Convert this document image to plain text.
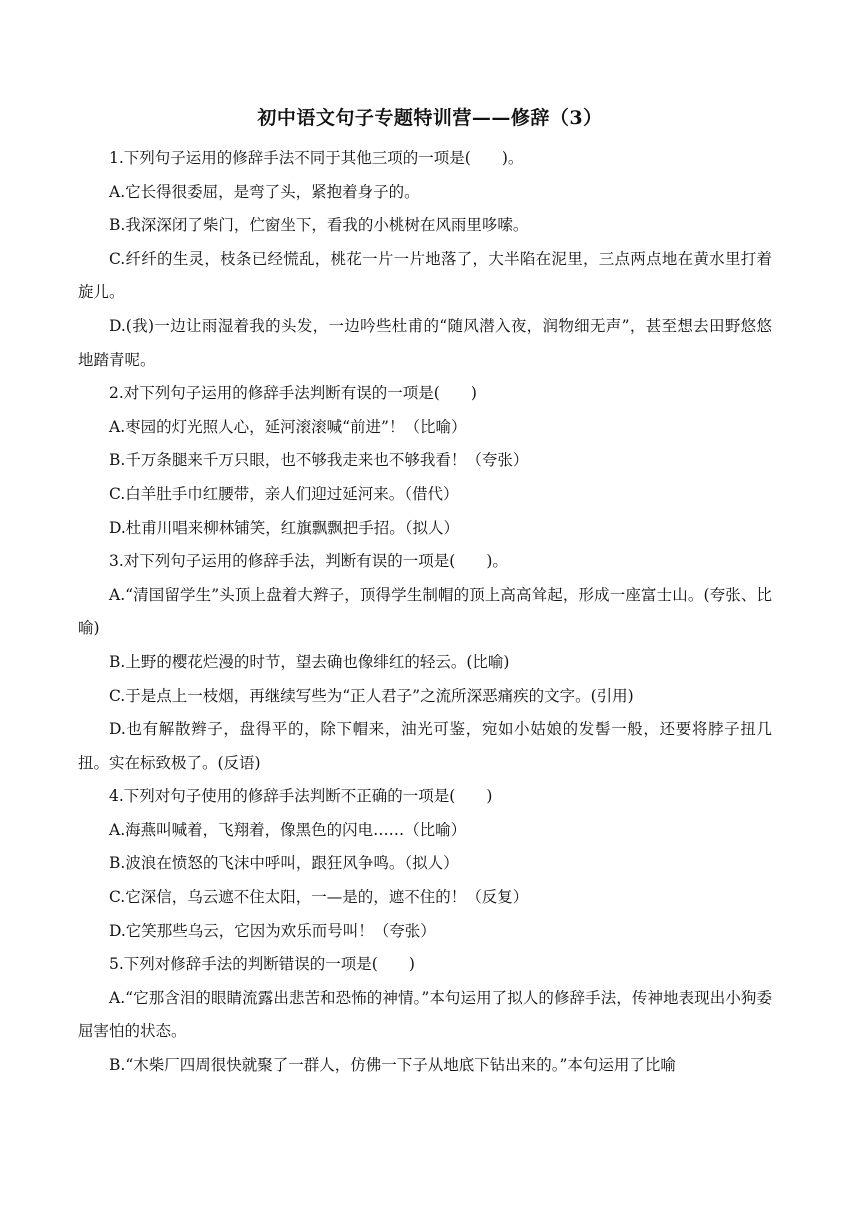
初中语文句子专题特训营——修辞（3）

1.下列句子运用的修辞手法不同于其他三项的一项是(　　)。

A.它长得很委屈，是弯了头，紧抱着身子的。

B.我深深闭了柴门，伫窗坐下，看我的小桃树在风雨里哆嗦。

C.纤纤的生灵，枝条已经慌乱，桃花一片一片地落了，大半陷在泥里，三点两点地在黄水里打着旋儿。

D.(我)一边让雨湿着我的头发，一边吟些杜甫的“随风潜入夜，润物细无声”，甚至想去田野悠悠地踏青呢。

2.对下列句子运用的修辞手法判断有误的一项是(　　)

A.枣园的灯光照人心，延河滚滚喊“前进”！（比喻）

B.千万条腿来千万只眼，也不够我走来也不够我看！（夸张）

C.白羊肚手巾红腰带，亲人们迎过延河来。（借代）

D.杜甫川唱来柳林铺笑，红旗飘飘把手招。（拟人）

3.对下列句子运用的修辞手法，判断有误的一项是(　　)。

A.“清国留学生”头顶上盘着大辫子，顶得学生制帽的顶上高高耸起，形成一座富士山。(夸张、比喻)

B.上野的樱花烂漫的时节，望去确也像绯红的轻云。(比喻)

C.于是点上一枝烟，再继续写些为“正人君子”之流所深恶痛疾的文字。(引用)

D.也有解散辫子，盘得平的，除下帽来，油光可鉴，宛如小姑娘的发髻一般，还要将脖子扭几扭。实在标致极了。(反语)

4.下列对句子使用的修辞手法判断不正确的一项是(　　)

A.海燕叫喊着，飞翔着，像黑色的闪电……（比喻）

B.波浪在愤怒的飞沫中呼叫，跟狂风争鸣。（拟人）

C.它深信，乌云遮不住太阳，一—是的，遮不住的！（反复）

D.它笑那些乌云，它因为欢乐而号叫！（夸张）

5.下列对修辞手法的判断错误的一项是(　　)

A.“它那含泪的眼睛流露出悲苦和恐怖的神情。”本句运用了拟人的修辞手法，传神地表现出小狗委屈害怕的状态。

B.“木柴厂四周很快就聚了一群人，仿佛一下子从地底下钻出来的。”本句运用了比喻
